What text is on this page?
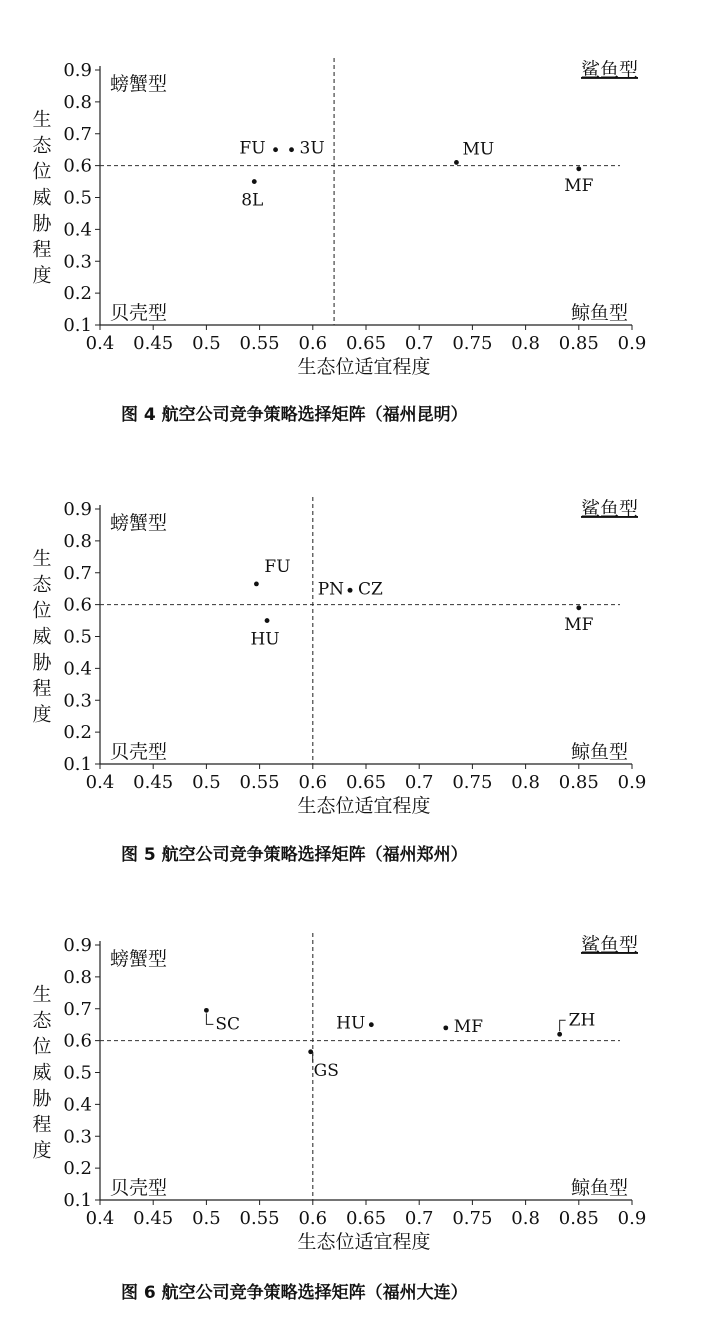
0.1
0.2
0.3
0.4
0.5
0.6
0.7
0.8
0.9
0.4 0.45 0.5 0.55 0.6 0.65 0.7 0.75 0.8 0.85 0.9
螃蟹型
鲨鱼型
贝壳型	鲸鱼型
生态位威胁程度
生态位适宜程度
FU 3U
8L
MU
MF
图 4 航空公司竞争策略选择矩阵（福州昆明）
0.1
0.2
0.3
0.4
0.5
0.6
0.7
0.8
0.9
0.4 0.45 0.5 0.55 0.6 0.65 0.7 0.75 0.8 0.85 0.9
螃蟹型
鲨鱼型
贝壳型	鲸鱼型
生态位威胁程度
生态位适宜程度
FU
HU
PN CZ
MF
图 5 航空公司竞争策略选择矩阵（福州郑州）
0.1
0.2
0.3
0.4
0.5
0.6
0.7
0.8
0.9
0.4 0.45 0.5 0.55 0.6 0.65 0.7 0.75 0.8 0.85 0.9
螃蟹型
鲨鱼型
贝壳型	鲸鱼型
生态位威胁程度
生态位适宜程度
SC	HU	MF	ZH
GS
图 6 航空公司竞争策略选择矩阵（福州大连）
